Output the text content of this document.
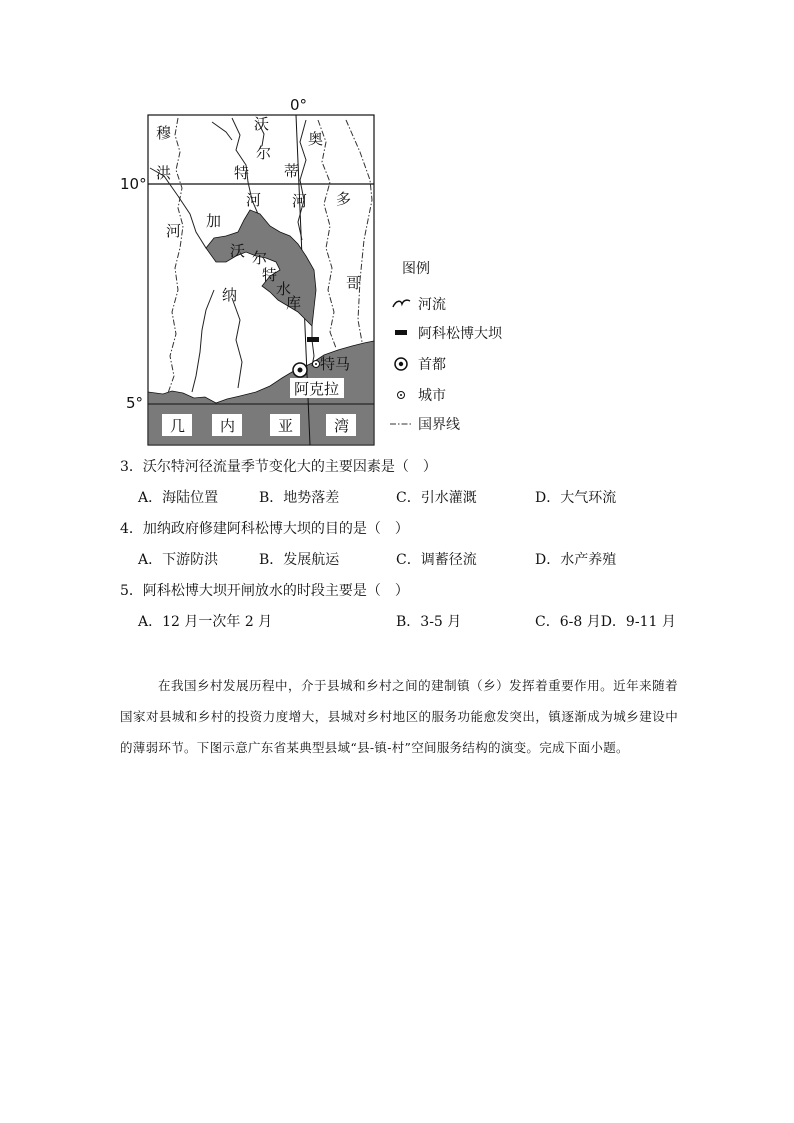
0°
10°
5°
穆
洪
河
沃
尔
特
河
奥
蒂
河 多
哥
加
纳
沃 尔
特
水
库
特马
阿克拉
几 内	亚	湾
图例
河流
阿科松博大坝
首都
城市
国界线
3．沃尔特河径流量季节变化大的主要因素是（　）
A．海陆位置	B．地势落差	C．引水灌溉	D．大气环流
4．加纳政府修建阿科松博大坝的目的是（　）
A．下游防洪	B．发展航运	C．调蓄径流	D．水产养殖
5．阿科松博大坝开闸放水的时段主要是（　）
A．12 月一次年 2 月	B．3-5 月	C．6-8 月D．9-11 月

在我国乡村发展历程中，介于县城和乡村之间的建制镇（乡）发挥着重要作用。近年来随着国家对县城和乡村的投资力度增大，县城对乡村地区的服务功能愈发突出，镇逐渐成为城乡建设中的薄弱环节。下图示意广东省某典型县域“县-镇-村”空间服务结构的演变。完成下面小题。
